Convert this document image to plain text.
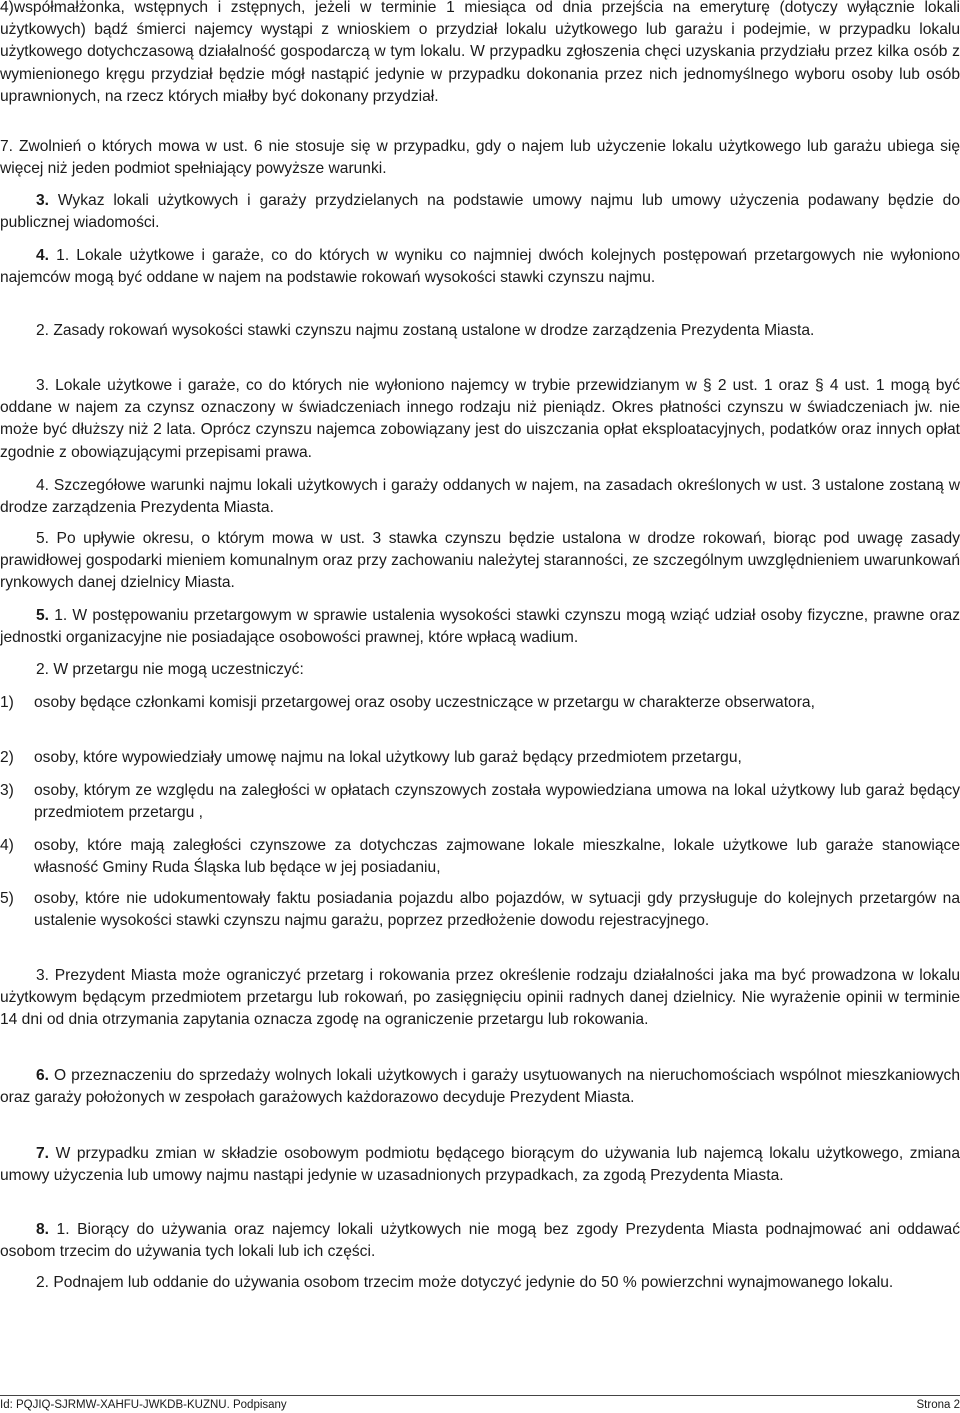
4)współmałżonka, wstępnych i zstępnych, jeżeli w terminie 1 miesiąca od dnia przejścia na emeryturę (dotyczy wyłącznie lokali użytkowych) bądź śmierci najemcy wystąpi z wnioskiem o przydział lokalu użytkowego lub garażu i podejmie, w przypadku lokalu użytkowego dotychczasową działalność gospodarczą w tym lokalu. W przypadku zgłoszenia chęci uzyskania przydziału przez kilka osób z wymienionego kręgu przydział będzie mógł nastąpić jedynie w przypadku dokonania przez nich jednomyślnego wyboru osoby lub osób uprawnionych, na rzecz których miałby być dokonany przydział.

7. Zwolnień o których mowa w ust. 6 nie stosuje się w przypadku, gdy o najem lub użyczenie lokalu użytkowego lub garażu ubiega się więcej niż jeden podmiot spełniający powyższe warunki.

3. Wykaz lokali użytkowych i garaży przydzielanych na podstawie umowy najmu lub umowy użyczenia podawany będzie do publicznej wiadomości.

4. 1. Lokale użytkowe i garaże, co do których w wyniku co najmniej dwóch kolejnych postępowań przetargowych nie wyłoniono najemców mogą być oddane w najem na podstawie rokowań wysokości stawki czynszu najmu.

2. Zasady rokowań wysokości stawki czynszu najmu zostaną ustalone w drodze zarządzenia Prezydenta Miasta.

3. Lokale użytkowe i garaże, co do których nie wyłoniono najemcy w trybie przewidzianym w § 2 ust. 1 oraz § 4 ust. 1 mogą być oddane w najem za czynsz oznaczony w świadczeniach innego rodzaju niż pieniądz. Okres płatności czynszu w świadczeniach jw. nie może być dłuższy niż 2 lata. Oprócz czynszu najemca zobowiązany jest do uiszczania opłat eksploatacyjnych, podatków oraz innych opłat zgodnie z obowiązującymi przepisami prawa.

4. Szczegółowe warunki najmu lokali użytkowych i garaży oddanych w najem, na zasadach określonych w ust. 3 ustalone zostaną w drodze zarządzenia Prezydenta Miasta.

5. Po upływie okresu, o którym mowa w ust. 3 stawka czynszu będzie ustalona w drodze rokowań, biorąc pod uwagę zasady prawidłowej gospodarki mieniem komunalnym oraz przy zachowaniu należytej staranności, ze szczególnym uwzględnieniem uwarunkowań rynkowych danej dzielnicy Miasta.

5. 1. W postępowaniu przetargowym w sprawie ustalenia wysokości stawki czynszu mogą wziąć udział osoby fizyczne, prawne oraz jednostki organizacyjne nie posiadające osobowości prawnej, które wpłacą wadium.

2. W przetargu nie mogą uczestniczyć:

1) osoby będące członkami komisji przetargowej oraz osoby uczestniczące w przetargu w charakterze obserwatora,
2) osoby, które wypowiedziały umowę najmu na lokal użytkowy lub garaż będący przedmiotem przetargu,
3) osoby, którym ze względu na zaległości w opłatach czynszowych została wypowiedziana umowa na lokal użytkowy lub garaż będący przedmiotem przetargu ,
4) osoby, które mają zaległości czynszowe za dotychczas zajmowane lokale mieszkalne, lokale użytkowe lub garaże stanowiące własność Gminy Ruda Śląska lub będące w jej posiadaniu,
5) osoby, które nie udokumentowały faktu posiadania pojazdu albo pojazdów, w sytuacji gdy przysługuje do kolejnych przetargów na ustalenie wysokości stawki czynszu najmu garażu, poprzez przedłożenie dowodu rejestracyjnego.

3. Prezydent Miasta może ograniczyć przetarg i rokowania przez określenie rodzaju działalności jaka ma być prowadzona w lokalu użytkowym będącym przedmiotem przetargu lub rokowań, po zasięgnięciu opinii radnych danej dzielnicy. Nie wyrażenie opinii w terminie 14 dni od dnia otrzymania zapytania oznacza zgodę na ograniczenie przetargu lub rokowania.

6. O przeznaczeniu do sprzedaży wolnych lokali użytkowych i garaży usytuowanych na nieruchomościach wspólnot mieszkaniowych oraz garaży położonych w zespołach garażowych każdorazowo decyduje Prezydent Miasta.

7. W przypadku zmian w składzie osobowym podmiotu będącego biorącym do używania lub najemcą lokalu użytkowego, zmiana umowy użyczenia lub umowy najmu nastąpi jedynie w uzasadnionych przypadkach, za zgodą Prezydenta Miasta.

8. 1. Biorący do używania oraz najemcy lokali użytkowych nie mogą bez zgody Prezydenta Miasta podnajmować ani oddawać osobom trzecim do używania tych lokali lub ich części.

2. Podnajem lub oddanie do używania osobom trzecim może dotyczyć jedynie do 50 % powierzchni wynajmowanego lokalu.

Id: PQJIQ-SJRMW-XAHFU-JWKDB-KUZNU. Podpisany	Strona 2
